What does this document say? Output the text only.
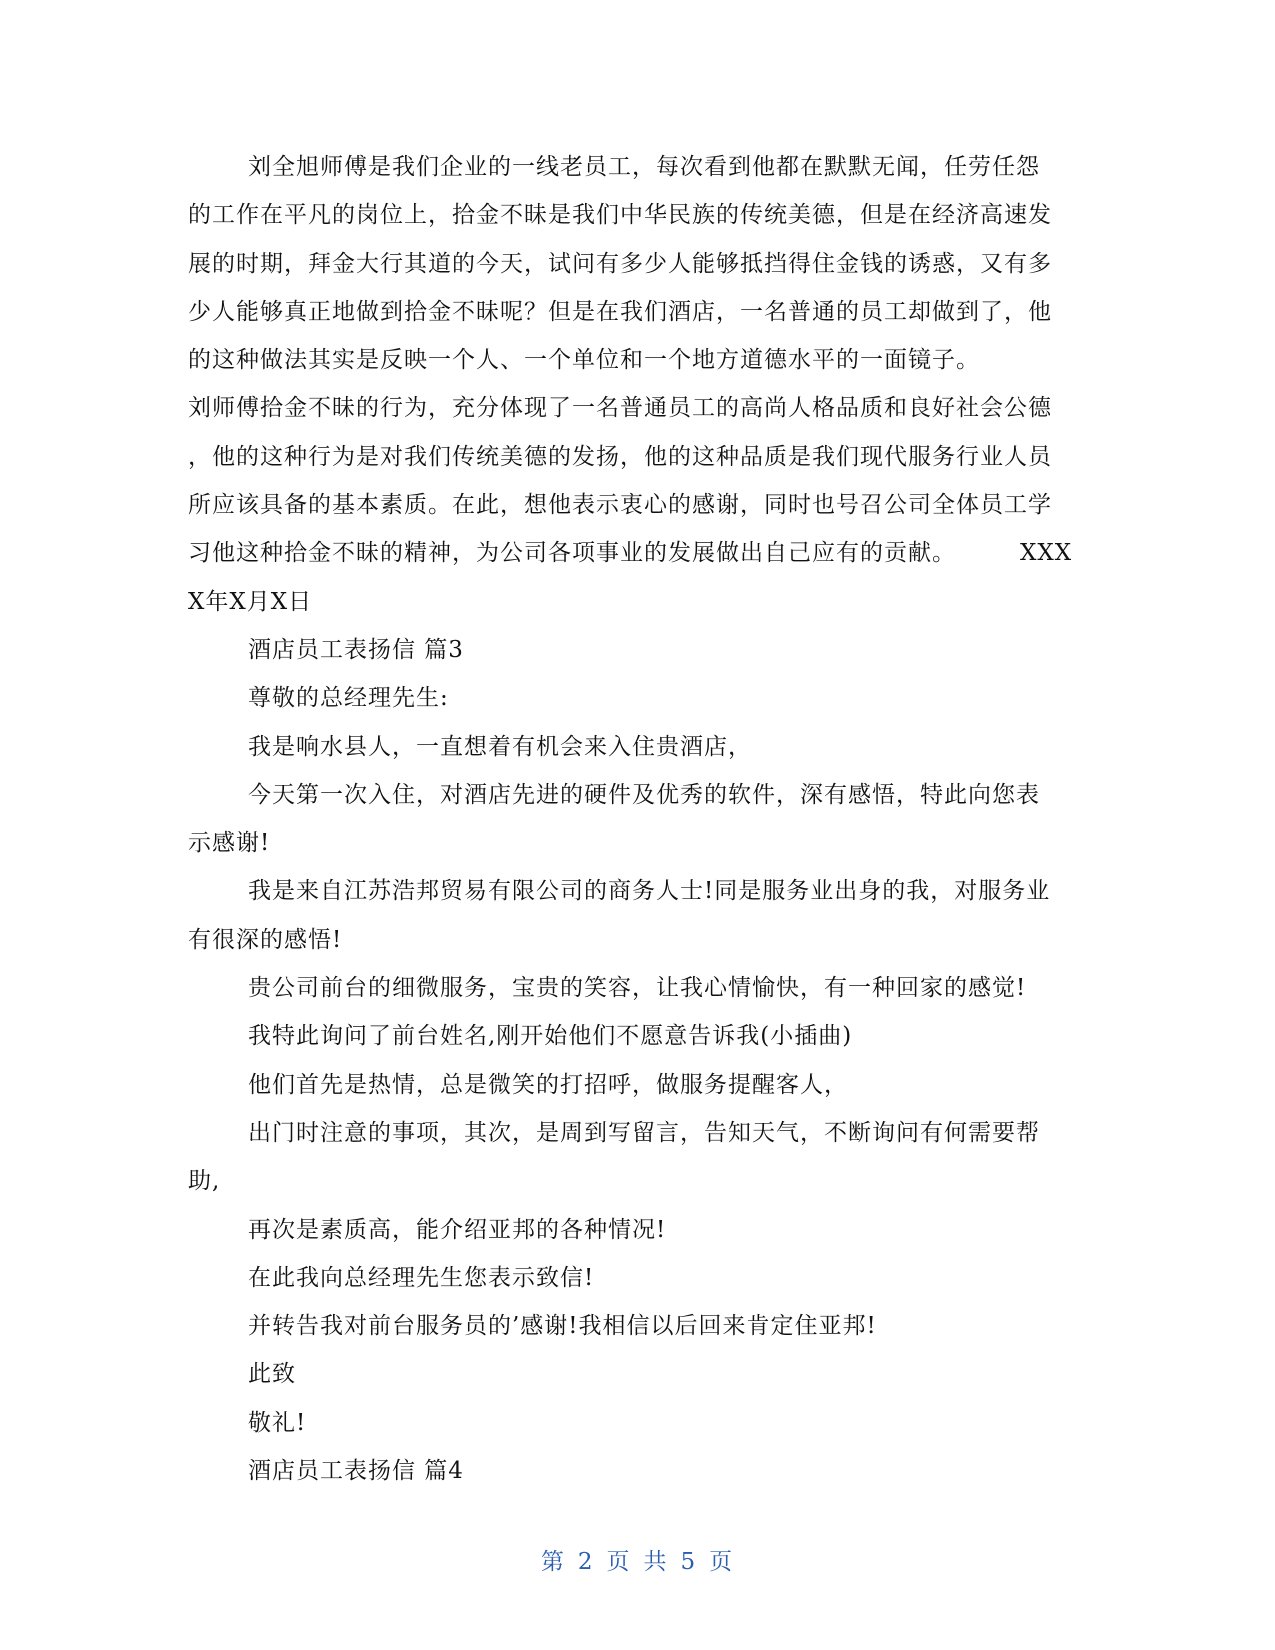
刘全旭师傅是我们企业的一线老员工，每次看到他都在默默无闻，任劳任怨
的工作在平凡的岗位上，拾金不昧是我们中华民族的传统美德，但是在经济高速发
展的时期，拜金大行其道的今天，试问有多少人能够抵挡得住金钱的诱惑，又有多
少人能够真正地做到拾金不昧呢？但是在我们酒店，一名普通的员工却做到了，他
的这种做法其实是反映一个人、一个单位和一个地方道德水平的一面镜子。
刘师傅拾金不昧的行为，充分体现了一名普通员工的高尚人格品质和良好社会公德
，他的这种行为是对我们传统美德的发扬，他的这种品质是我们现代服务行业人员
所应该具备的基本素质。在此，想他表示衷心的感谢，同时也号召公司全体员工学
习他这种拾金不昧的精神，为公司各项事业的发展做出自己应有的贡献。	XXX
X年X月X日
酒店员工表扬信 篇3
尊敬的总经理先生:
我是响水县人，一直想着有机会来入住贵酒店，
今天第一次入住，对酒店先进的硬件及优秀的软件，深有感悟，特此向您表
示感谢!
我是来自江苏浩邦贸易有限公司的商务人士!同是服务业出身的我，对服务业
有很深的感悟!
贵公司前台的细微服务，宝贵的笑容，让我心情愉快，有一种回家的感觉!
我特此询问了前台姓名,刚开始他们不愿意告诉我(小插曲)
他们首先是热情，总是微笑的打招呼，做服务提醒客人，
出门时注意的事项，其次，是周到写留言，告知天气，不断询问有何需要帮
助,
再次是素质高，能介绍亚邦的各种情况!
在此我向总经理先生您表示致信!
并转告我对前台服务员的’感谢!我相信以后回来肯定住亚邦!
此致
敬礼!
酒店员工表扬信 篇4
第 2 页 共 5 页
